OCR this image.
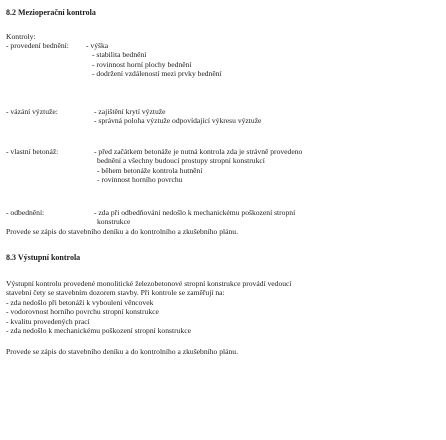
8.2 Mezioperační kontrola
Kontroly:
- provedení bednění: - výška
- stabilita bednění
- rovinnost horní plochy bednění
- dodržení vzdáleností mezi prvky bednění
- vázání výztuže:	- zajištění krytí výztuže
- správná poloha výztuže odpovídající výkresu výztuže
- vlastní betonáž:	- před začátkem betonáže je nutná kontrola zda je strávně provedeno
bednění a všechny budoucí prostupy stropní konstrukcí
- během betonáže kontrola hutnění
- rovinnost horního povrchu
- odbednění:	- zda při odbedňování nedošlo k mechanickému poškození stropní
konstrukce
Provede se zápis do stavebního deníku a do kontrolního a zkušebního plánu.
8.3 Výstupní kontrola
Výstupní kontrolu provedené monolitické železobetonové stropní konstrukce provádí vedoucí
stavební čety se stavebním dozorem stavby. Při kontrole se zaměřují na:
- zda nedošlo při betonáži k vyboulení věncovek
- vodorovnost horního povrchu stropní konstrukce
- kvalitu provedených prací
- zda nedošlo k mechanickému poškození stropní konstrukce
Provede se zápis do stavebního deníku a do kontrolního a zkušebního plánu.
